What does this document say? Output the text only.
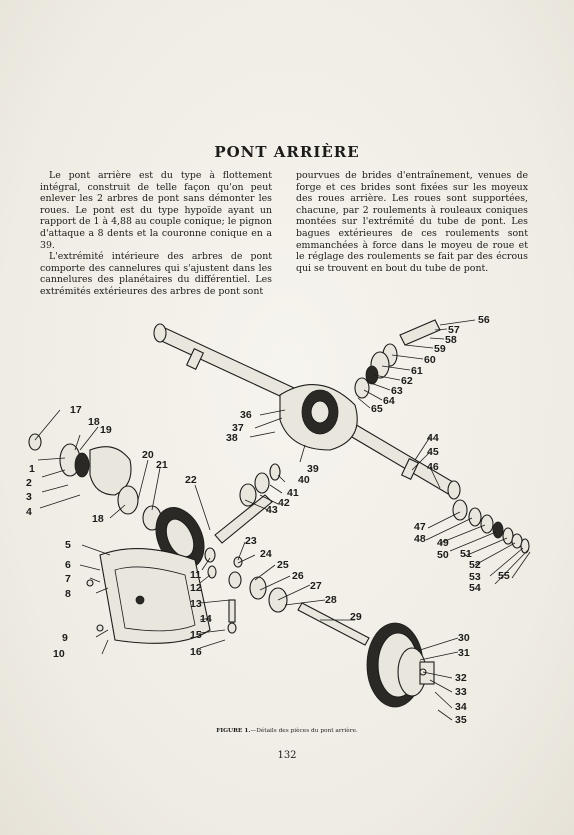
PONT ARRIÈRE

Le pont arrière est du type à flottement intégral, construit de telle façon qu'on peut enlever les 2 arbres de pont sans démonter les roues. Le pont est du type hypoïde ayant un rapport de 1 à 4,88 au couple conique; le pignon d'attaque a 8 dents et la couronne conique en a 39.

L'extrémité intérieure des arbres de pont comporte des cannelures qui s'ajustent dans les cannelures des planétaires du différentiel. Les extrémités extérieures des arbres de pont sont

pourvues de brides d'entraînement, venues de forge et ces brides sont fixées sur les moyeux des roues arrière. Les roues sont supportées, chacune, par 2 roulements à rouleaux coniques montées sur l'extrémité du tube de pont. Les bagues extérieures de ces roulements sont emmanchées à force dans le moyeu de roue et le réglage des roulements se fait par des écrous qui se trouvent en bout du tube de pont.

17
18
19
1
2
3
4
18
20
21
22
5
6
7
8
9
10
11
12
13
14
15
16
23
24
25
26
27
28
29
30
31
32
33
34
35
36
37
38
39
40
41
42
43
44
45
46
47
48 49
50 51
52
53
54
55
56
57
58
59
60
61
62
63
64
65
FIGURE 1.—Détails des pièces du pont arrière.
132
